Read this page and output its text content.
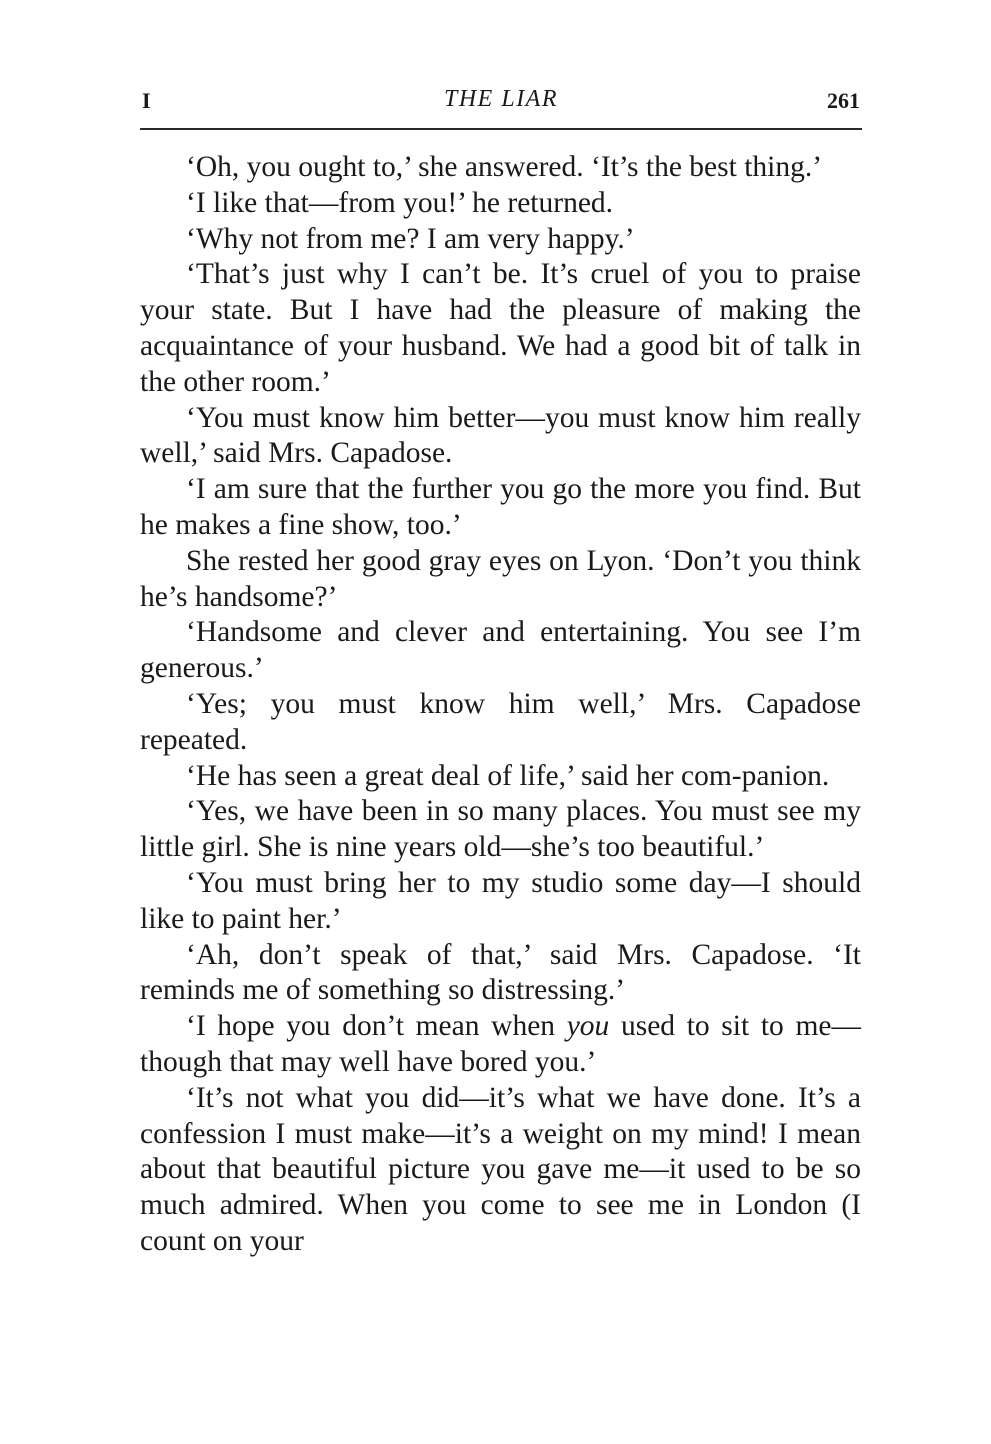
I	THE LIAR	261

‘Oh, you ought to,’ she answered. ‘It’s the best thing.’

‘I like that—from you!’ he returned.

‘Why not from me? I am very happy.’

‘That’s just why I can’t be. It’s cruel of you to praise your state. But I have had the pleasure of making the acquaintance of your husband. We had a good bit of talk in the other room.’

‘You must know him better—you must know him really well,’ said Mrs. Capadose.

‘I am sure that the further you go the more you find. But he makes a fine show, too.’

She rested her good gray eyes on Lyon. ‘Don’t you think he’s handsome?’

‘Handsome and clever and entertaining. You see I’m generous.’

‘Yes; you must know him well,’ Mrs. Capadose repeated.

‘He has seen a great deal of life,’ said her com-panion.

‘Yes, we have been in so many places. You must see my little girl. She is nine years old—she’s too beautiful.’

‘You must bring her to my studio some day—I should like to paint her.’

‘Ah, don’t speak of that,’ said Mrs. Capadose. ‘It reminds me of something so distressing.’

‘I hope you don’t mean when you used to sit to me—though that may well have bored you.’

‘It’s not what you did—it’s what we have done. It’s a confession I must make—it’s a weight on my mind! I mean about that beautiful picture you gave me—it used to be so much admired. When you come to see me in London (I count on your
